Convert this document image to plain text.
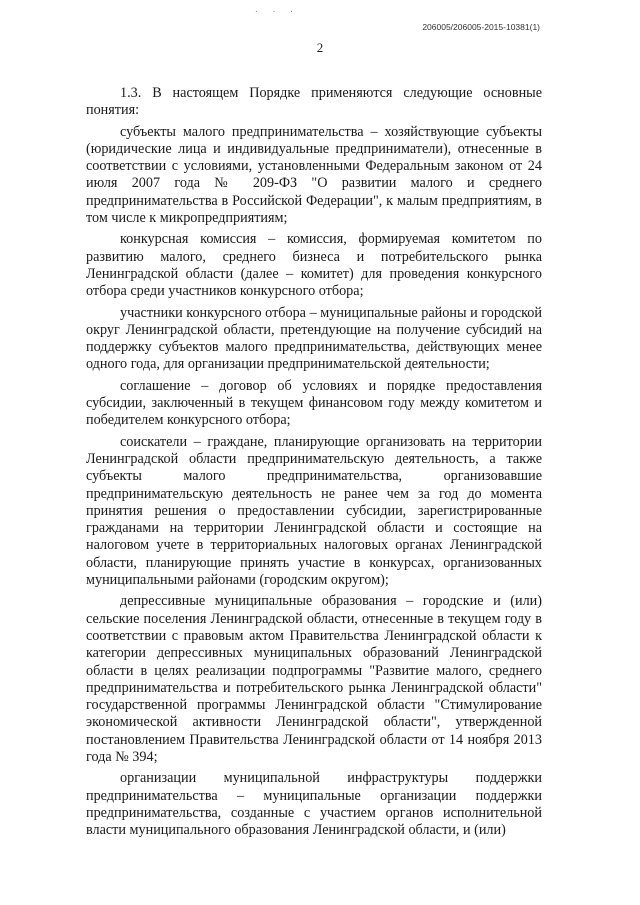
. . .
206005/206005-2015-10381(1)
2

1.3. В настоящем Порядке применяются следующие основные понятия:

субъекты малого предпринимательства – хозяйствующие субъекты (юридические лица и индивидуальные предприниматели), отнесенные в соответствии с условиями, установленными Федеральным законом от 24 июля 2007 года № 209-ФЗ "О развитии малого и среднего предпринимательства в Российской Федерации", к малым предприятиям, в том числе к микропредприятиям;

конкурсная комиссия – комиссия, формируемая комитетом по развитию малого, среднего бизнеса и потребительского рынка Ленинградской области (далее – комитет) для проведения конкурсного отбора среди участников конкурсного отбора;

участники конкурсного отбора – муниципальные районы и городской округ Ленинградской области, претендующие на получение субсидий на поддержку субъектов малого предпринимательства, действующих менее одного года, для организации предпринимательской деятельности;

соглашение – договор об условиях и порядке предоставления субсидии, заключенный в текущем финансовом году между комитетом и победителем конкурсного отбора;

соискатели – граждане, планирующие организовать на территории Ленинградской области предпринимательскую деятельность, а также субъекты малого предпринимательства, организовавшие предпринимательскую деятельность не ранее чем за год до момента принятия решения о предоставлении субсидии, зарегистрированные гражданами на территории Ленинградской области и состоящие на налоговом учете в территориальных налоговых органах Ленинградской области, планирующие принять участие в конкурсах, организованных муниципальными районами (городским округом);

депрессивные муниципальные образования – городские и (или) сельские поселения Ленинградской области, отнесенные в текущем году в соответствии с правовым актом Правительства Ленинградской области к категории депрессивных муниципальных образований Ленинградской области в целях реализации подпрограммы "Развитие малого, среднего предпринимательства и потребительского рынка Ленинградской области" государственной программы Ленинградской области "Стимулирование экономической активности Ленинградской области", утвержденной постановлением Правительства Ленинградской области от 14 ноября 2013 года № 394;

организации муниципальной инфраструктуры поддержки предпринимательства – муниципальные организации поддержки предпринимательства, созданные с участием органов исполнительной власти муниципального образования Ленинградской области, и (или)
